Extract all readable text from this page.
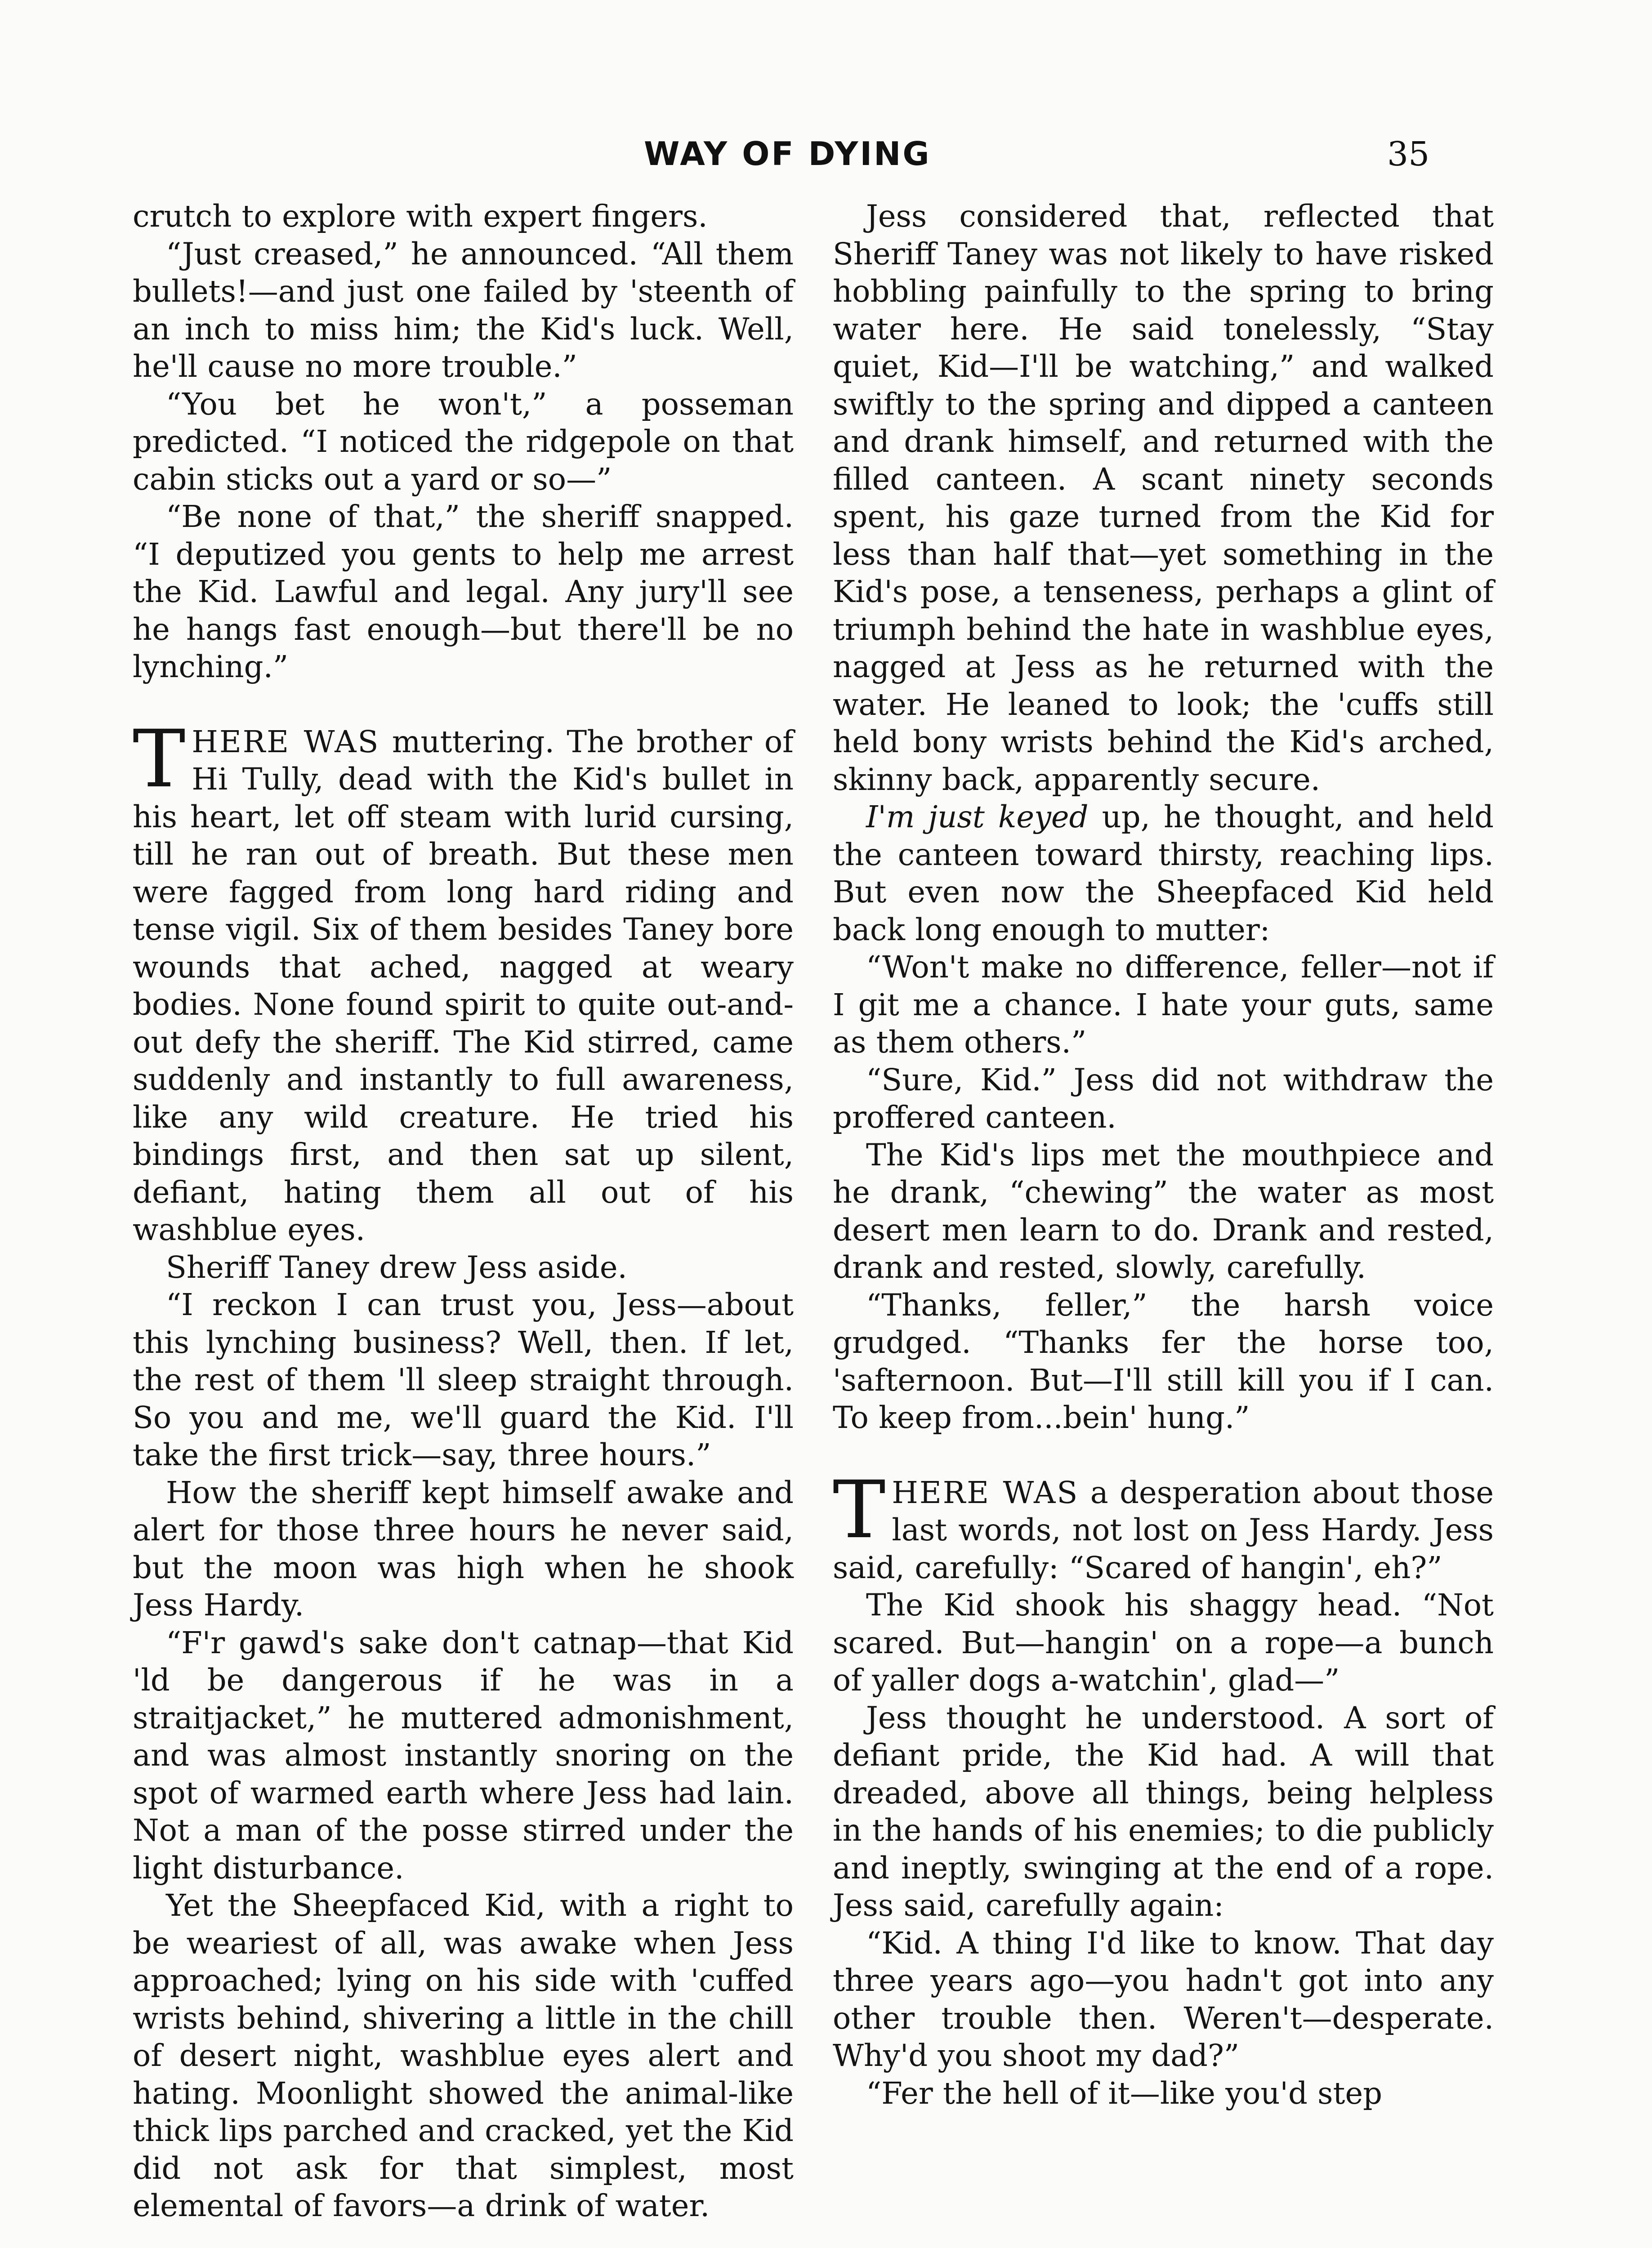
WAY OF DYING	35

crutch to explore with expert fingers.

“Just creased,” he announced. “All them bullets!—and just one failed by 'steenth of an inch to miss him; the Kid's luck. Well, he'll cause no more trouble.”

“You bet he won't,” a posseman predicted. “I noticed the ridgepole on that cabin sticks out a yard or so—”

“Be none of that,” the sheriff snapped. “I deputized you gents to help me arrest the Kid. Lawful and legal. Any jury'll see he hangs fast enough—but there'll be no lynching.”

THERE WAS muttering. The brother of Hi Tully, dead with the Kid's bullet in his heart, let off steam with lurid cursing, till he ran out of breath. But these men were fagged from long hard riding and tense vigil. Six of them besides Taney bore wounds that ached, nagged at weary bodies. None found spirit to quite out-and-out defy the sheriff. The Kid stirred, came suddenly and instantly to full awareness, like any wild creature. He tried his bindings first, and then sat up silent, defiant, hating them all out of his washblue eyes.

Sheriff Taney drew Jess aside.

“I reckon I can trust you, Jess—about this lynching business? Well, then. If let, the rest of them 'll sleep straight through. So you and me, we'll guard the Kid. I'll take the first trick—say, three hours.”

How the sheriff kept himself awake and alert for those three hours he never said, but the moon was high when he shook Jess Hardy.

“F'r gawd's sake don't catnap—that Kid 'ld be dangerous if he was in a straitjacket,” he muttered admonishment, and was almost instantly snoring on the spot of warmed earth where Jess had lain. Not a man of the posse stirred under the light disturbance.

Yet the Sheepfaced Kid, with a right to be weariest of all, was awake when Jess approached; lying on his side with 'cuffed wrists behind, shivering a little in the chill of desert night, washblue eyes alert and hating. Moonlight showed the animal-like thick lips parched and cracked, yet the Kid did not ask for that simplest, most elemental of favors—a drink of water.

Jess considered that, reflected that Sheriff Taney was not likely to have risked hobbling painfully to the spring to bring water here. He said tonelessly, “Stay quiet, Kid—I'll be watching,” and walked swiftly to the spring and dipped a canteen and drank himself, and returned with the filled canteen. A scant ninety seconds spent, his gaze turned from the Kid for less than half that—yet something in the Kid's pose, a tenseness, perhaps a glint of triumph behind the hate in washblue eyes, nagged at Jess as he returned with the water. He leaned to look; the 'cuffs still held bony wrists behind the Kid's arched, skinny back, apparently secure.

I'm just keyed up, he thought, and held the canteen toward thirsty, reaching lips. But even now the Sheepfaced Kid held back long enough to mutter:

“Won't make no difference, feller—not if I git me a chance. I hate your guts, same as them others.”

“Sure, Kid.” Jess did not withdraw the proffered canteen.

The Kid's lips met the mouthpiece and he drank, “chewing” the water as most desert men learn to do. Drank and rested, drank and rested, slowly, carefully.

“Thanks, feller,” the harsh voice grudged. “Thanks fer the horse too, 'safternoon. But—I'll still kill you if I can. To keep from...bein' hung.”

THERE WAS a desperation about those last words, not lost on Jess Hardy. Jess said, carefully: “Scared of hangin', eh?”

The Kid shook his shaggy head. “Not scared. But—hangin' on a rope—a bunch of yaller dogs a-watchin', glad—”

Jess thought he understood. A sort of defiant pride, the Kid had. A will that dreaded, above all things, being helpless in the hands of his enemies; to die publicly and ineptly, swinging at the end of a rope. Jess said, carefully again:

“Kid. A thing I'd like to know. That day three years ago—you hadn't got into any other trouble then. Weren't—desperate. Why'd you shoot my dad?”

“Fer the hell of it—like you'd step
